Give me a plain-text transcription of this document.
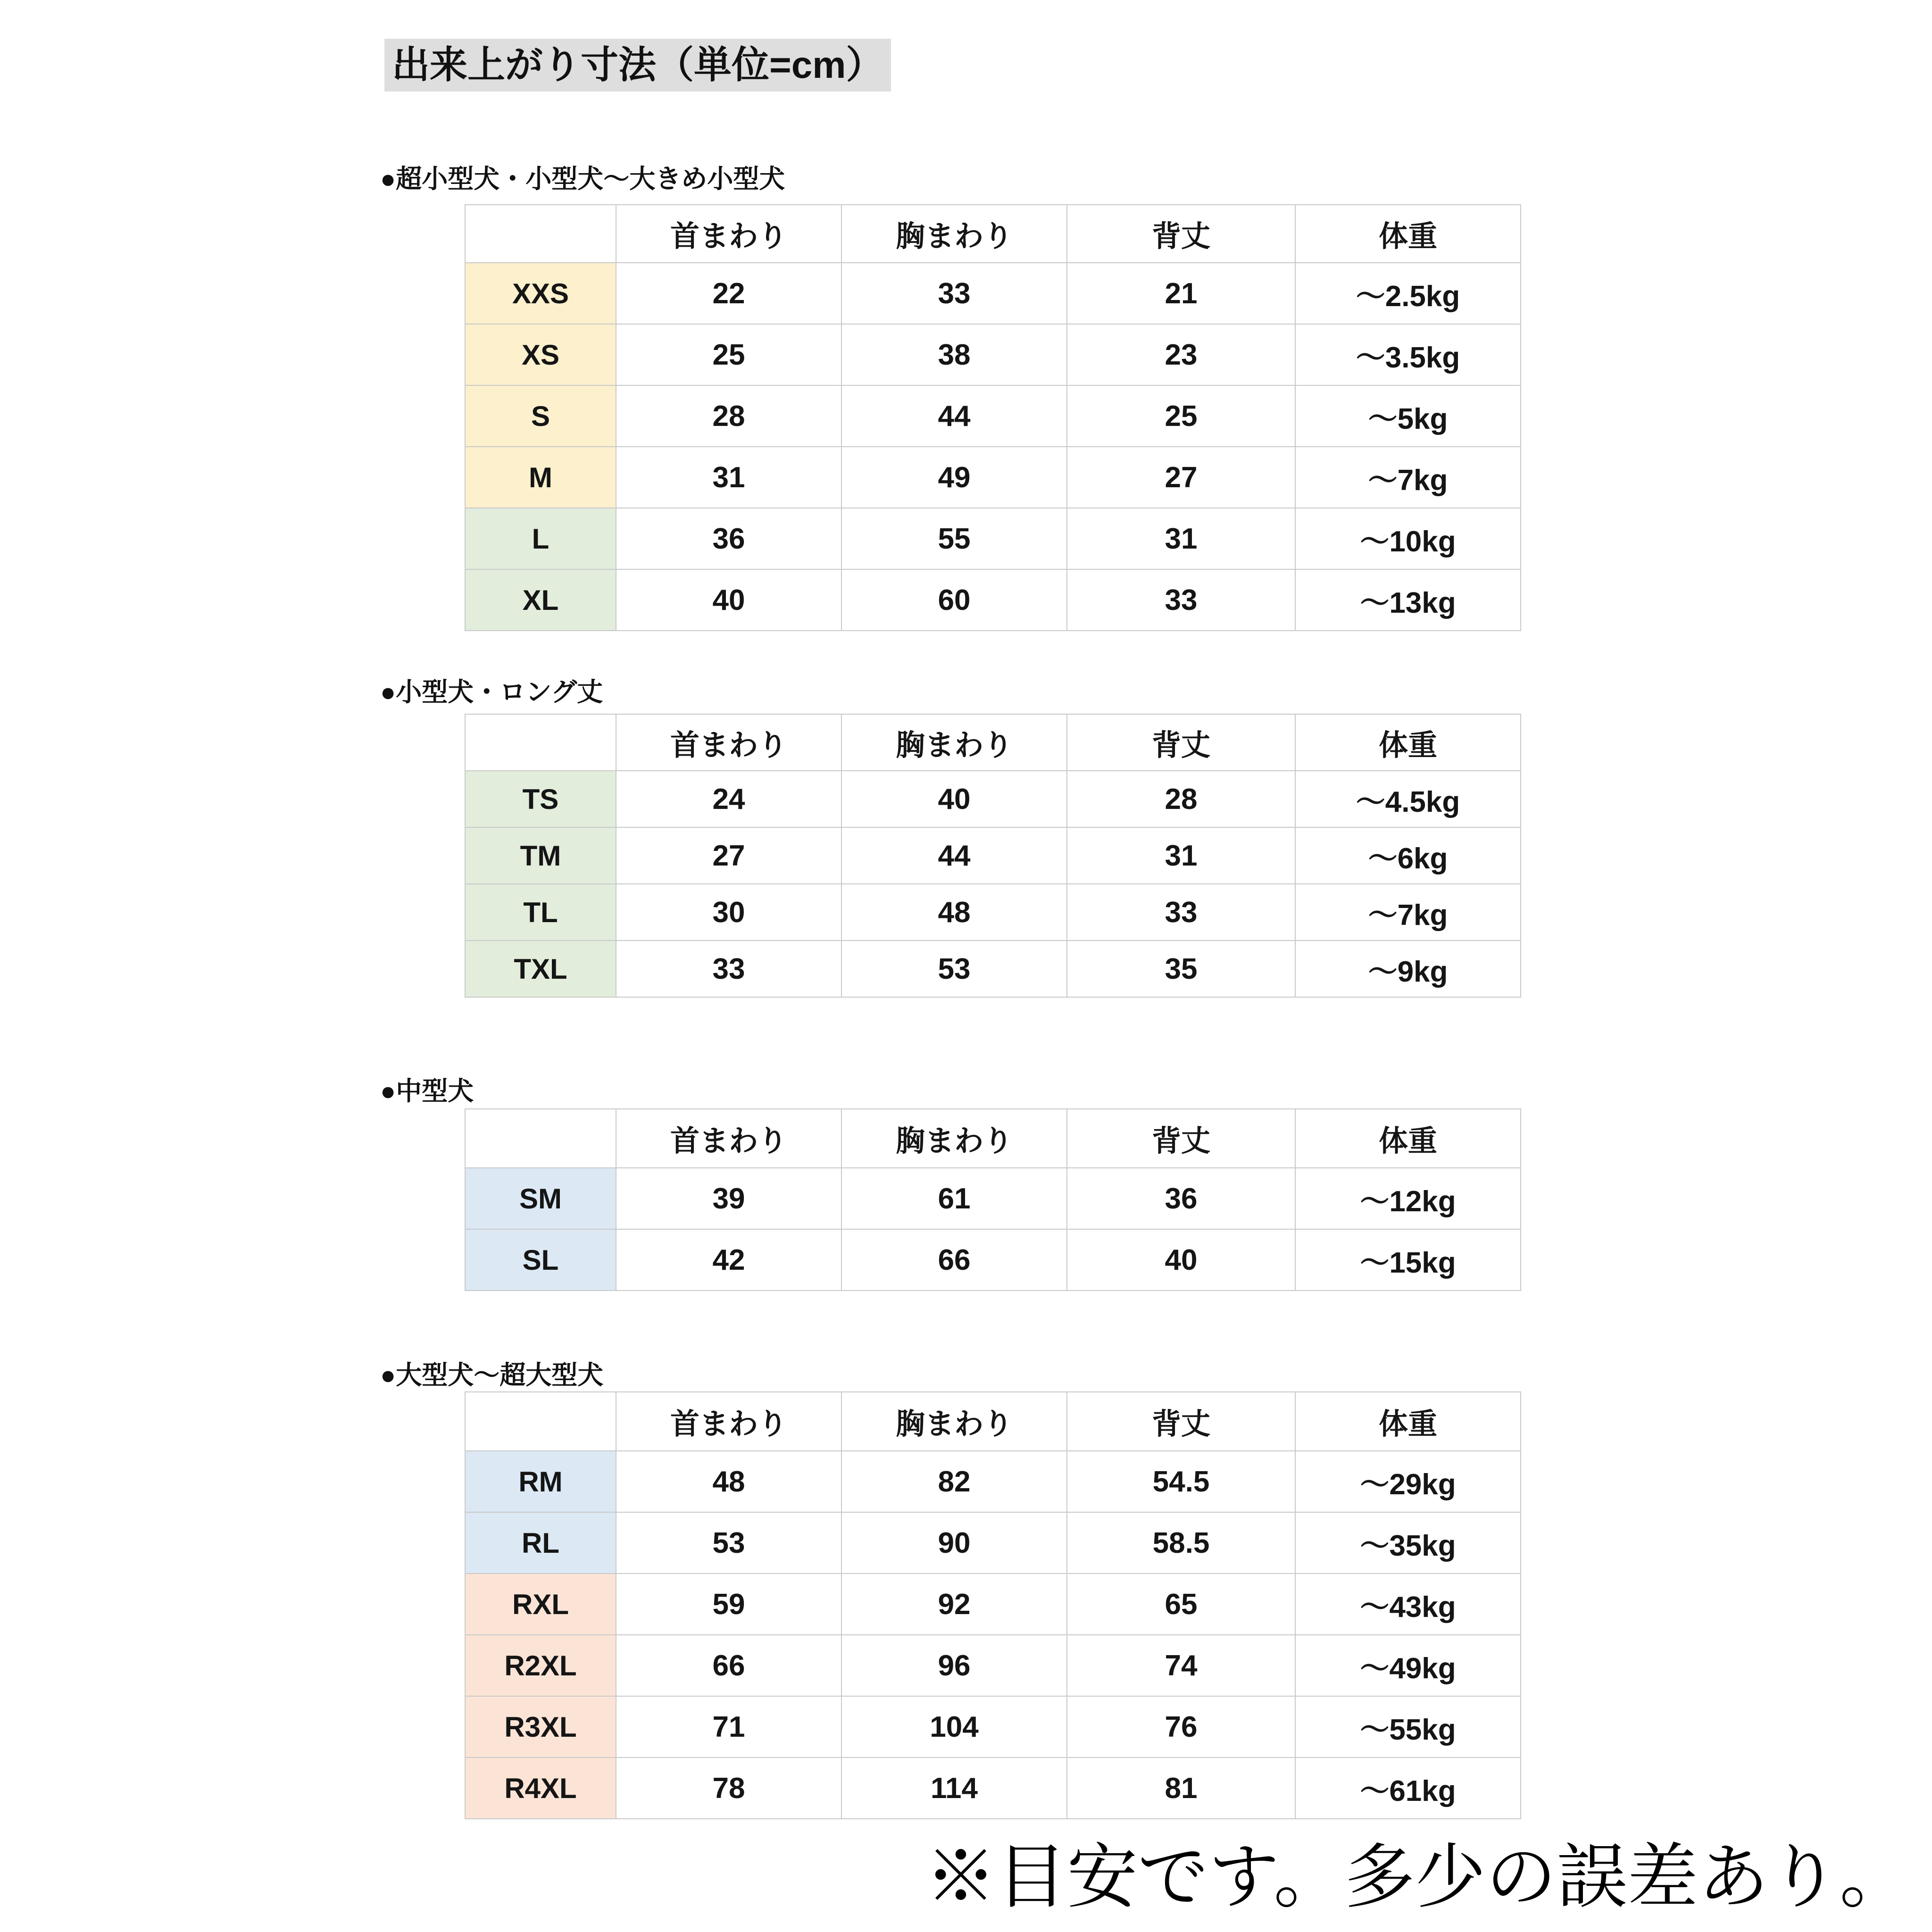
出来上がり寸法（単位=cm）
●超小型犬・小型犬～大きめ小型犬
	首まわり	胸まわり	背丈	体重
XXS	22	33	21	～2.5kg
XS	25	38	23	～3.5kg
S	28	44	25	～5kg
M	31	49	27	～7kg
L	36	55	31	～10kg
XL	40	60	33	～13kg
●小型犬・ロング丈
	首まわり	胸まわり	背丈	体重
TS	24	40	28	～4.5kg
TM	27	44	31	～6kg
TL	30	48	33	～7kg
TXL	33	53	35	～9kg
●中型犬
	首まわり	胸まわり	背丈	体重
SM	39	61	36	～12kg
SL	42	66	40	～15kg
●大型犬～超大型犬
	首まわり	胸まわり	背丈	体重
RM	48	82	54.5	～29kg
RL	53	90	58.5	～35kg
RXL	59	92	65	～43kg
R2XL	66	96	74	～49kg
R3XL	71	104	76	～55kg
R4XL	78	114	81	～61kg
※目安です。多少の誤差あり。
